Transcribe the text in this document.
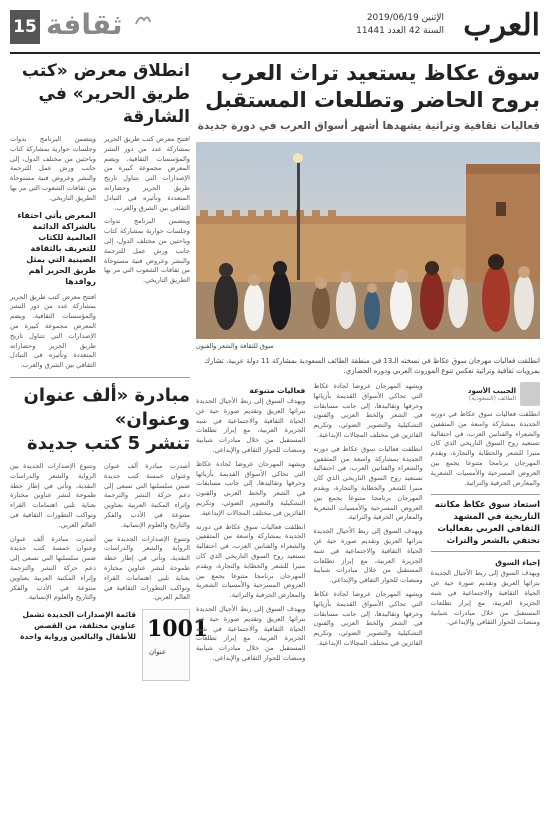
15 ثقافة	الإثنين 2019/06/19
السنة 42 العدد 11441 العرب
انطلاق معرض «كتب
طريق الحرير» في الشارقة

افتتح معرض كتب طريق الحرير بمشاركة عدد من دور النشر والمؤسسات الثقافية، ويضم المعرض مجموعة كبيرة من الإصدارات التي تتناول تاريخ طريق الحرير وحضاراته المتعددة وتأثيره في التبادل الثقافي بين الشرق والغرب.

ويتضمن البرنامج ندوات وجلسات حوارية بمشاركة كتاب وباحثين من مختلف الدول، إلى جانب ورش عمل للترجمة والنشر وعروض فنية مستوحاة من ثقافات الشعوب التي مر بها الطريق التاريخي.

ويتضمن البرنامج ندوات وجلسات حوارية بمشاركة كتاب وباحثين من مختلف الدول، إلى جانب ورش عمل للترجمة والنشر وعروض فنية مستوحاة من ثقافات الشعوب التي مر بها الطريق التاريخي.

المعرض يأتي احتفاء بالشراكة الدائمة العالمية للكتاب للتعريف بالثقافة الصينية التي يمثل طريق الحرير أهم روافدها

افتتح معرض كتب طريق الحرير بمشاركة عدد من دور النشر والمؤسسات الثقافية، ويضم المعرض مجموعة كبيرة من الإصدارات التي تتناول تاريخ طريق الحرير وحضاراته المتعددة وتأثيره في التبادل الثقافي بين الشرق والغرب.

مبادرة «ألف عنوان وعنوان»
تنشر 5 كتب جديدة

أصدرت مبادرة ألف عنوان وعنوان خمسة كتب جديدة ضمن سلسلتها التي تسعى إلى دعم حركة النشر والترجمة وإثراء المكتبة العربية بعناوين متنوعة في الأدب والفكر والتاريخ والعلوم الإنسانية.

وتتنوع الإصدارات الجديدة بين الرواية والشعر والدراسات النقدية، وتأتي في إطار خطة طموحة لنشر عناوين مختارة بعناية تلبي اهتمامات القراء وتواكب التطورات الثقافية في العالم العربي.

وتتنوع الإصدارات الجديدة بين الرواية والشعر والدراسات النقدية، وتأتي في إطار خطة طموحة لنشر عناوين مختارة بعناية تلبي اهتمامات القراء وتواكب التطورات الثقافية في العالم العربي.

أصدرت مبادرة ألف عنوان وعنوان خمسة كتب جديدة ضمن سلسلتها التي تسعى إلى دعم حركة النشر والترجمة وإثراء المكتبة العربية بعناوين متنوعة في الأدب والفكر والتاريخ والعلوم الإنسانية.

1001
عنوان
قائمة الإصدارات الجديدة تشمل عناوين مختلفة، من القصص للأطفال والبالغين ورواية واحدة
سوق عكاظ يستعيد تراث العرب
بروح الحاضر وتطلعات المستقبل
فعاليات ثقافية وتراثية يشهدها أشهر أسواق العرب في دورة جديدة
سوق للثقافة والشعر والفنون

انطلقت فعاليات مهرجان سوق عكاظ في نسخته الـ13 في منطقة الطائف السعودية بمشاركة 11 دولة عربية، تشارك بمرويات ثقافية وتراثية تعكس تنوع الموروث العربي ودوره الحضاري.

الحبيب الأسود
الطائف (السعودية)

انطلقت فعاليات سوق عكاظ في دورته الجديدة بمشاركة واسعة من المثقفين والشعراء والفنانين العرب، في احتفالية تستعيد روح السوق التاريخي الذي كان منبرا للشعر والخطابة والتجارة، ويقدم المهرجان برنامجا متنوعا يجمع بين العروض المسرحية والأمسيات الشعرية والمعارض الحرفية والتراثية.

استعاد سوق عكاظ مكانته التاريخية في المشهد الثقافي العربي بفعاليات تحتفي بالشعر والتراث
إحياء السوق

ويهدف السوق إلى ربط الأجيال الجديدة بتراثها العريق وتقديم صورة حية عن الحياة الثقافية والاجتماعية في شبه الجزيرة العربية، مع إبراز تطلعات المستقبل من خلال مبادرات شبابية ومنصات للحوار الثقافي والإبداعي.

ويشهد المهرجان عروضا لجادة عكاظ التي تحاكي الأسواق القديمة بأزيائها وحرفها وتقاليدها، إلى جانب مسابقات في الشعر والخط العربي والفنون التشكيلية والتصوير الضوئي، وتكريم الفائزين في مختلف المجالات الإبداعية.

انطلقت فعاليات سوق عكاظ في دورته الجديدة بمشاركة واسعة من المثقفين والشعراء والفنانين العرب، في احتفالية تستعيد روح السوق التاريخي الذي كان منبرا للشعر والخطابة والتجارة، ويقدم المهرجان برنامجا متنوعا يجمع بين العروض المسرحية والأمسيات الشعرية والمعارض الحرفية والتراثية.

ويهدف السوق إلى ربط الأجيال الجديدة بتراثها العريق وتقديم صورة حية عن الحياة الثقافية والاجتماعية في شبه الجزيرة العربية، مع إبراز تطلعات المستقبل من خلال مبادرات شبابية ومنصات للحوار الثقافي والإبداعي.

ويشهد المهرجان عروضا لجادة عكاظ التي تحاكي الأسواق القديمة بأزيائها وحرفها وتقاليدها، إلى جانب مسابقات في الشعر والخط العربي والفنون التشكيلية والتصوير الضوئي، وتكريم الفائزين في مختلف المجالات الإبداعية.

فعاليات متنوعة

ويهدف السوق إلى ربط الأجيال الجديدة بتراثها العريق وتقديم صورة حية عن الحياة الثقافية والاجتماعية في شبه الجزيرة العربية، مع إبراز تطلعات المستقبل من خلال مبادرات شبابية ومنصات للحوار الثقافي والإبداعي.

ويشهد المهرجان عروضا لجادة عكاظ التي تحاكي الأسواق القديمة بأزيائها وحرفها وتقاليدها، إلى جانب مسابقات في الشعر والخط العربي والفنون التشكيلية والتصوير الضوئي، وتكريم الفائزين في مختلف المجالات الإبداعية.

انطلقت فعاليات سوق عكاظ في دورته الجديدة بمشاركة واسعة من المثقفين والشعراء والفنانين العرب، في احتفالية تستعيد روح السوق التاريخي الذي كان منبرا للشعر والخطابة والتجارة، ويقدم المهرجان برنامجا متنوعا يجمع بين العروض المسرحية والأمسيات الشعرية والمعارض الحرفية والتراثية.

ويهدف السوق إلى ربط الأجيال الجديدة بتراثها العريق وتقديم صورة حية عن الحياة الثقافية والاجتماعية في شبه الجزيرة العربية، مع إبراز تطلعات المستقبل من خلال مبادرات شبابية ومنصات للحوار الثقافي والإبداعي.
